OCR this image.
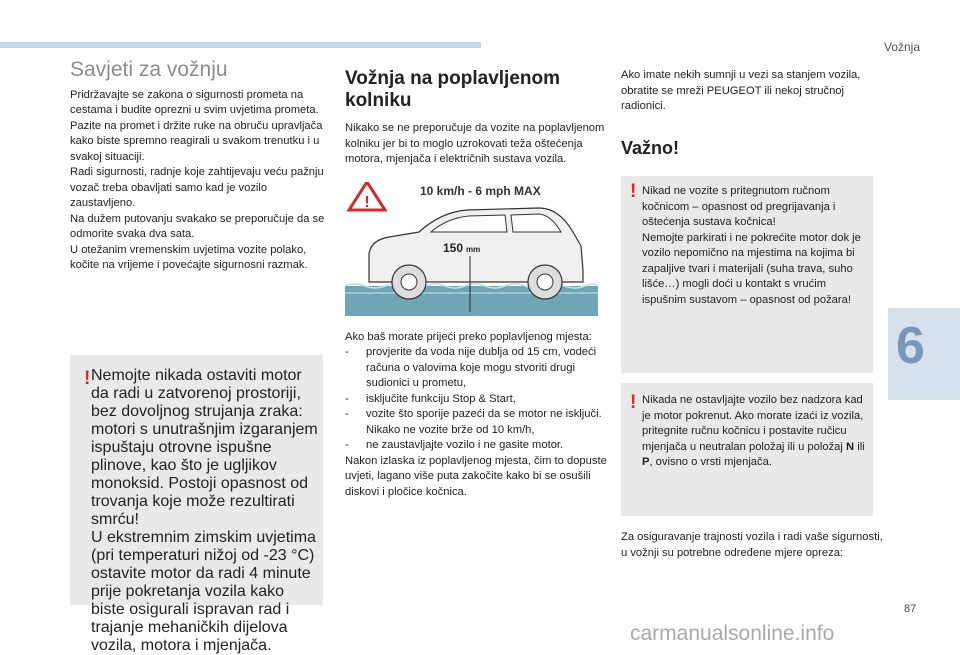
Vožnja
6
Savjeti za vožnju

Pridržavajte se zakona o sigurnosti prometa na cestama i budite oprezni u svim uvjetima prometa.

Pazite na promet i držite ruke na obruču upravljača kako biste spremno reagirali u svakom trenutku i u svakoj situaciji.

Radi sigurnosti, radnje koje zahtijevaju veću pažnju vozač treba obavljati samo kad je vozilo zaustavljeno.

Na dužem putovanju svakako se preporučuje da se odmorite svaka dva sata.

U otežanim vremenskim uvjetima vozite polako, kočite na vrijeme i povećajte sigurnosni razmak.

! Nemojte nikada ostaviti motor da radi u zatvorenoj prostoriji, bez dovoljnog strujanja zraka: motori s unutrašnjim izgaranjem ispuštaju otrovne ispušne plinove, kao što je ugljikov monoksid. Postoji opasnost od trovanja koje može rezultirati smrću!

U ekstremnim zimskim uvjetima (pri temperaturi nižoj od -23 °C) ostavite motor da radi 4 minute prije pokretanja vozila kako biste osigurali ispravan rad i trajanje mehaničkih dijelova vozila, motora i mjenjača.

Vožnja na poplavljenom kolniku

Nikako se ne preporučuje da vozite na poplavljenom kolniku jer bi to moglo uzrokovati teža oštećenja motora, mjenjača i električnih sustava vozila.

!
10 km/h - 6 mph MAX
150 mm

Ako baš morate prijeći preko poplavljenog mjesta:

- provjerite da voda nije dublja od 15 cm, vodeći računa o valovima koje mogu stvoriti drugi sudionici u prometu,
- isključite funkciju Stop & Start,
- vozite što sporije pazeći da se motor ne isključi. Nikako ne vozite brže od 10 km/h,
- ne zaustavljajte vozilo i ne gasite motor.

Nakon izlaska iz poplavljenog mjesta, čim to dopuste uvjeti, lagano više puta zakočite kako bi se osušili diskovi i pločice kočnica.

Ako imate nekih sumnji u vezi sa stanjem vozila, obratite se mreži PEUGEOT ili nekoj stručnoj radionici.

Važno!
! Nikad ne vozite s pritegnutom ručnom kočnicom – opasnost od pregrijavanja i oštećenja sustava kočnica!

Nemojte parkirati i ne pokrećite motor dok je vozilo nepomično na mjestima na kojima bi zapaljive tvari i materijali (suha trava, suho lišće…) mogli doći u kontakt s vrućim ispušnim sustavom – opasnost od požara!

! Nikada ne ostavljajte vozilo bez nadzora kad je motor pokrenut. Ako morate izaći iz vozila, pritegnite ručnu kočnicu i postavite ručicu mjenjača u neutralan položaj ili u položaj N ili P, ovisno o vrsti mjenjača.

Za osiguravanje trajnosti vozila i radi vaše sigurnosti, u vožnji su potrebne određene mjere opreza:

87
carmanualsonline.info
